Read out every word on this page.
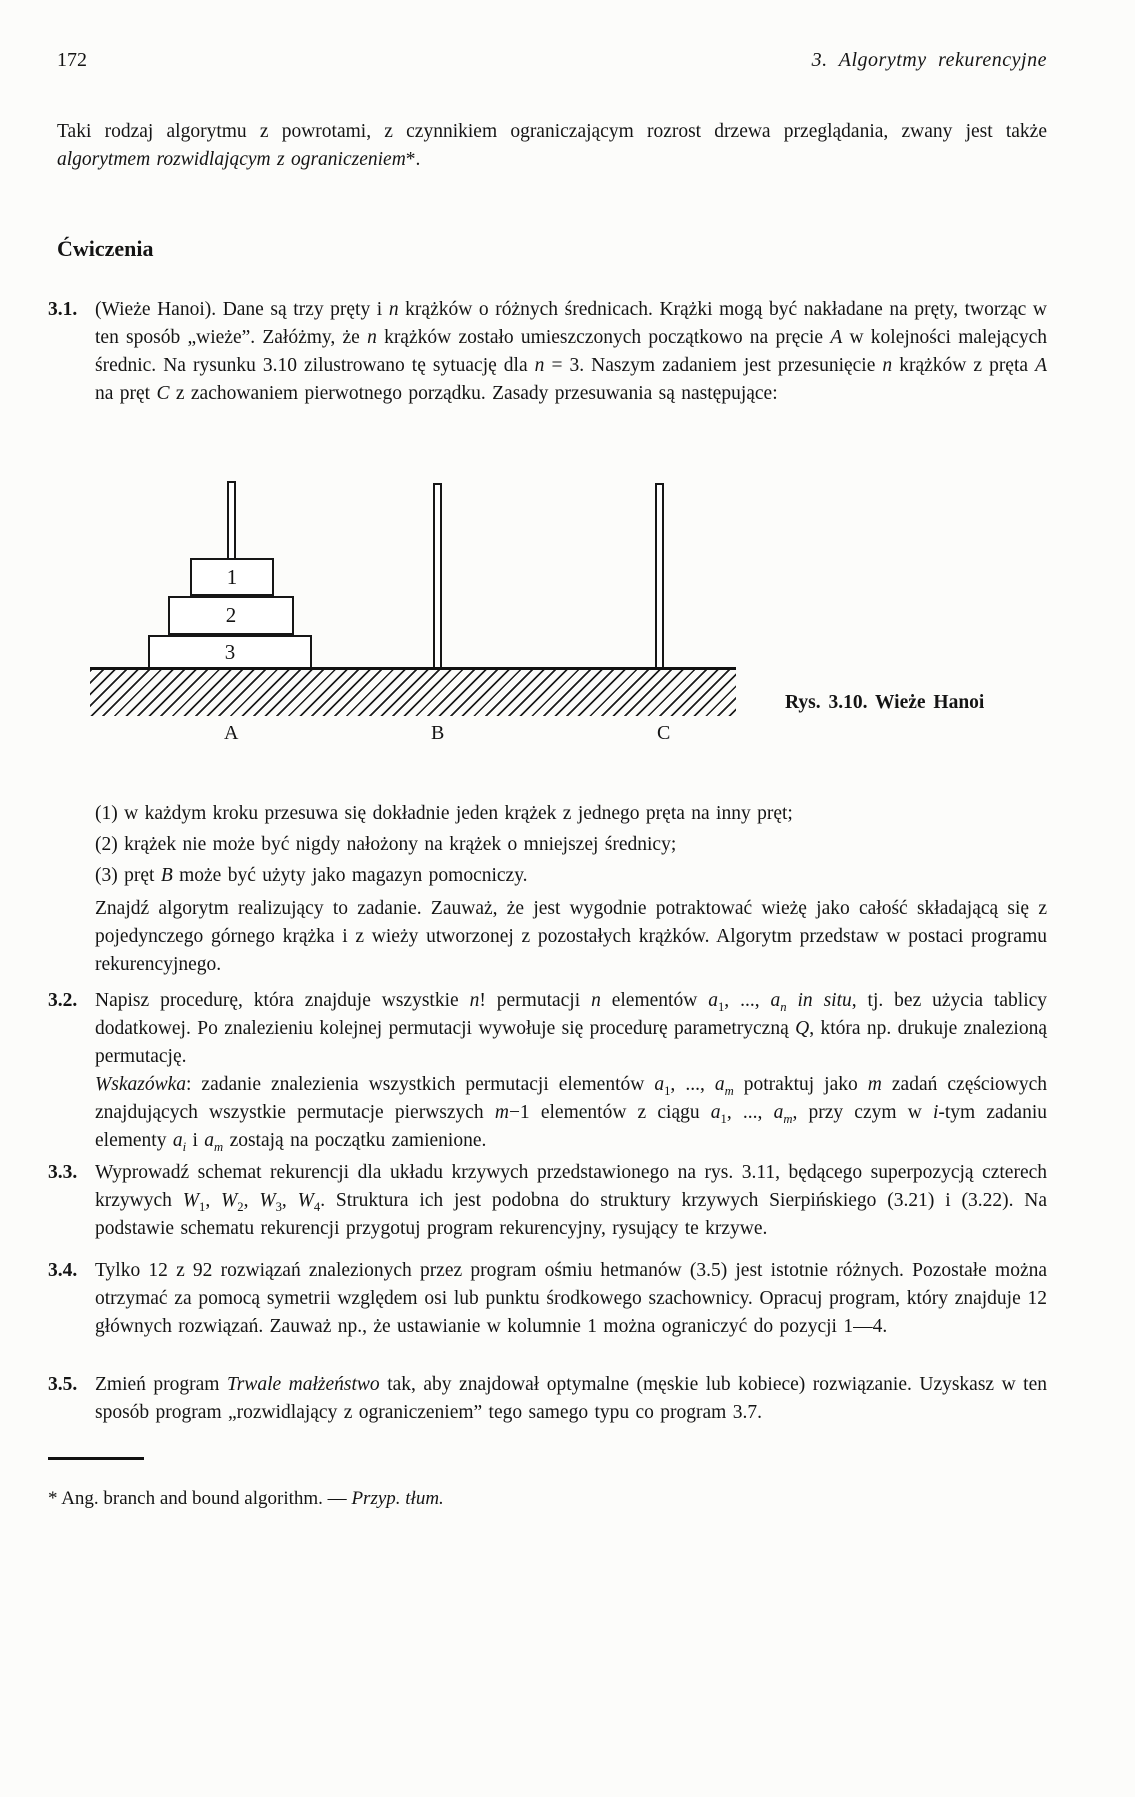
172	3. Algorytmy rekurencyjne

Taki rodzaj algorytmu z powrotami, z czynnikiem ograniczającym rozrost drzewa przeglądania, zwany jest także algorytmem rozwidlającym z ograniczeniem*.

Ćwiczenia
3.1. (Wieże Hanoi). Dane są trzy pręty i n krążków o różnych średnicach. Krążki mogą być nakładane na pręty, tworząc w ten sposób „wieże”. Załóżmy, że n krążków zostało umieszczonych początkowo na pręcie A w kolejności malejących średnic. Na rysunku 3.10 zilustrowano tę sytuację dla n = 3. Naszym zadaniem jest przesunięcie n krążków z pręta A na pręt C z zachowaniem pierwotnego porządku. Zasady przesuwania są następujące:

1
2
3
A	B	C
Rys. 3.10. Wieże Hanoi

(1) w każdym kroku przesuwa się dokładnie jeden krążek z jednego pręta na inny pręt;

(2) krążek nie może być nigdy nałożony na krążek o mniejszej średnicy;

(3) pręt B może być użyty jako magazyn pomocniczy.

Znajdź algorytm realizujący to zadanie. Zauważ, że jest wygodnie potraktować wieżę jako całość składającą się z pojedynczego górnego krążka i z wieży utworzonej z pozostałych krążków. Algorytm przedstaw w postaci programu rekurencyjnego.

3.2. Napisz procedurę, która znajduje wszystkie n! permutacji n elementów $a_1$, ..., $a_n$ in situ, tj. bez użycia tablicy dodatkowej. Po znalezieniu kolejnej permutacji wywołuje się procedurę parametryczną Q, która np. drukuje znalezioną permutację.

Wskazówka: zadanie znalezienia wszystkich permutacji elementów $a_1$, ..., $a_m$ potraktuj jako m zadań częściowych znajdujących wszystkie permutacje pierwszych m−1 elementów z ciągu $a_1$, ..., $a_m$, przy czym w i-tym zadaniu elementy $a_i$ i $a_m$ zostają na początku zamienione.

3.3. Wyprowadź schemat rekurencji dla układu krzywych przedstawionego na rys. 3.11, będącego superpozycją czterech krzywych $W_1$, $W_2$, $W_3$, $W_4$. Struktura ich jest podobna do struktury krzywych Sierpińskiego (3.21) i (3.22). Na podstawie schematu rekurencji przygotuj program rekurencyjny, rysujący te krzywe.

3.4. Tylko 12 z 92 rozwiązań znalezionych przez program ośmiu hetmanów (3.5) jest istotnie różnych. Pozostałe można otrzymać za pomocą symetrii względem osi lub punktu środkowego szachownicy. Opracuj program, który znajduje 12 głównych rozwiązań. Zauważ np., że ustawianie w kolumnie 1 można ograniczyć do pozycji 1—4.

3.5. Zmień program Trwale małżeństwo tak, aby znajdował optymalne (męskie lub kobiece) rozwiązanie. Uzyskasz w ten sposób program „rozwidlający z ograniczeniem” tego samego typu co program 3.7.

* Ang. branch and bound algorithm. — Przyp. tłum.
